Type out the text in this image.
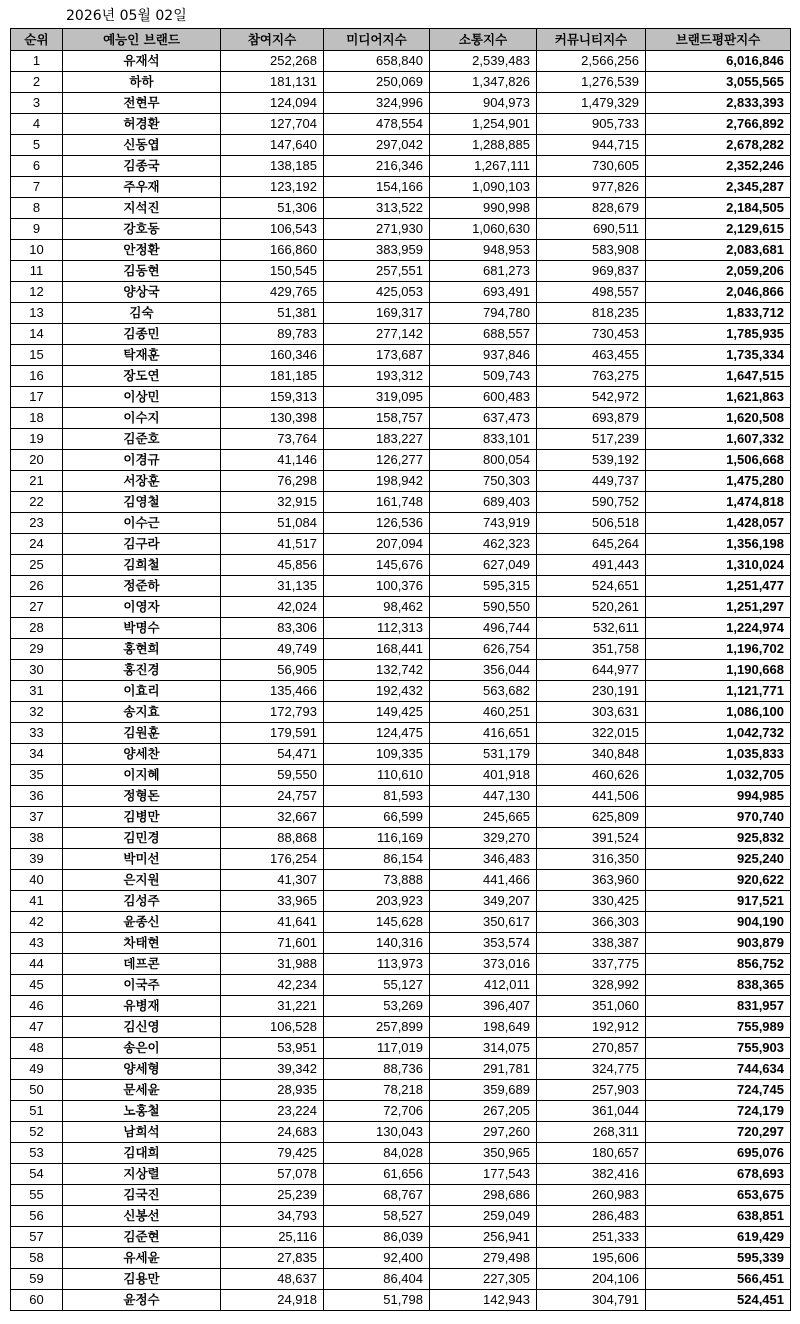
2026년 05월 02일
순위	예능인 브랜드	참여지수	미디어지수	소통지수	커뮤니티지수	브랜드평판지수
1	유재석	252,268	658,840	2,539,483	2,566,256	6,016,846
2	하하	181,131	250,069	1,347,826	1,276,539	3,055,565
3	전현무	124,094	324,996	904,973	1,479,329	2,833,393
4	허경환	127,704	478,554	1,254,901	905,733	2,766,892
5	신동엽	147,640	297,042	1,288,885	944,715	2,678,282
6	김종국	138,185	216,346	1,267,111	730,605	2,352,246
7	주우재	123,192	154,166	1,090,103	977,826	2,345,287
8	지석진	51,306	313,522	990,998	828,679	2,184,505
9	강호동	106,543	271,930	1,060,630	690,511	2,129,615
10	안정환	166,860	383,959	948,953	583,908	2,083,681
11	김동현	150,545	257,551	681,273	969,837	2,059,206
12	양상국	429,765	425,053	693,491	498,557	2,046,866
13	김숙	51,381	169,317	794,780	818,235	1,833,712
14	김종민	89,783	277,142	688,557	730,453	1,785,935
15	탁재훈	160,346	173,687	937,846	463,455	1,735,334
16	장도연	181,185	193,312	509,743	763,275	1,647,515
17	이상민	159,313	319,095	600,483	542,972	1,621,863
18	이수지	130,398	158,757	637,473	693,879	1,620,508
19	김준호	73,764	183,227	833,101	517,239	1,607,332
20	이경규	41,146	126,277	800,054	539,192	1,506,668
21	서장훈	76,298	198,942	750,303	449,737	1,475,280
22	김영철	32,915	161,748	689,403	590,752	1,474,818
23	이수근	51,084	126,536	743,919	506,518	1,428,057
24	김구라	41,517	207,094	462,323	645,264	1,356,198
25	김희철	45,856	145,676	627,049	491,443	1,310,024
26	정준하	31,135	100,376	595,315	524,651	1,251,477
27	이영자	42,024	98,462	590,550	520,261	1,251,297
28	박명수	83,306	112,313	496,744	532,611	1,224,974
29	홍현희	49,749	168,441	626,754	351,758	1,196,702
30	홍진경	56,905	132,742	356,044	644,977	1,190,668
31	이효리	135,466	192,432	563,682	230,191	1,121,771
32	송지효	172,793	149,425	460,251	303,631	1,086,100
33	김원훈	179,591	124,475	416,651	322,015	1,042,732
34	양세찬	54,471	109,335	531,179	340,848	1,035,833
35	이지혜	59,550	110,610	401,918	460,626	1,032,705
36	정형돈	24,757	81,593	447,130	441,506	994,985
37	김병만	32,667	66,599	245,665	625,809	970,740
38	김민경	88,868	116,169	329,270	391,524	925,832
39	박미선	176,254	86,154	346,483	316,350	925,240
40	은지원	41,307	73,888	441,466	363,960	920,622
41	김성주	33,965	203,923	349,207	330,425	917,521
42	윤종신	41,641	145,628	350,617	366,303	904,190
43	차태현	71,601	140,316	353,574	338,387	903,879
44	데프콘	31,988	113,973	373,016	337,775	856,752
45	이국주	42,234	55,127	412,011	328,992	838,365
46	유병재	31,221	53,269	396,407	351,060	831,957
47	김신영	106,528	257,899	198,649	192,912	755,989
48	송은이	53,951	117,019	314,075	270,857	755,903
49	양세형	39,342	88,736	291,781	324,775	744,634
50	문세윤	28,935	78,218	359,689	257,903	724,745
51	노홍철	23,224	72,706	267,205	361,044	724,179
52	남희석	24,683	130,043	297,260	268,311	720,297
53	김대희	79,425	84,028	350,965	180,657	695,076
54	지상렬	57,078	61,656	177,543	382,416	678,693
55	김국진	25,239	68,767	298,686	260,983	653,675
56	신봉선	34,793	58,527	259,049	286,483	638,851
57	김준현	25,116	86,039	256,941	251,333	619,429
58	유세윤	27,835	92,400	279,498	195,606	595,339
59	김용만	48,637	86,404	227,305	204,106	566,451
60	윤정수	24,918	51,798	142,943	304,791	524,451
